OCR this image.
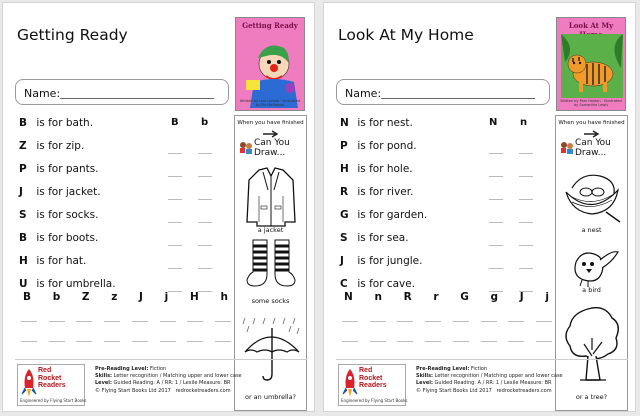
Getting Ready
Getting Ready
Written by Lisa Laredo · Illustrated by Pia Matheson
Name:
B is for bath.
Z is for zip.
P is for pants.
J is for jacket.
S is for socks.
B is for boots.
H is for hat.
U is for umbrella.
B b
B b Z z J j H h
When you have finished
Can You
Draw...
a jacket
some socks
or an umbrella?
Red
Rocket
Readers
Engineered by Flying Start Books
Pre-Reading Level: Fiction
Skills: Letter recognition / Matching upper and lower case
Level: Guided Reading: A / RR: 1 / Lexile Measure: BR
© Flying Start Books Ltd 2017 redrocketreaders.com
Look At My Home
Look At My
Written by Pam Holden · Illustrated by Samantha Lewis
Name:
N is for nest.
P is for pond.
H is for hole.
R is for river.
G is for garden.
S is for sea.
J is for jungle.
C is for cave.
N n
N n R r G g J j
When you have finished
Can You
Draw...
a nest
a bird
or a tree?
Red
Rocket
Readers
Engineered by Flying Start Books
Pre-Reading Level: Fiction
Skills: Letter recognition / Matching upper and lower case
Level: Guided Reading: A / RR: 1 / Lexile Measure: BR
© Flying Start Books Ltd 2017 redrocketreaders.com
